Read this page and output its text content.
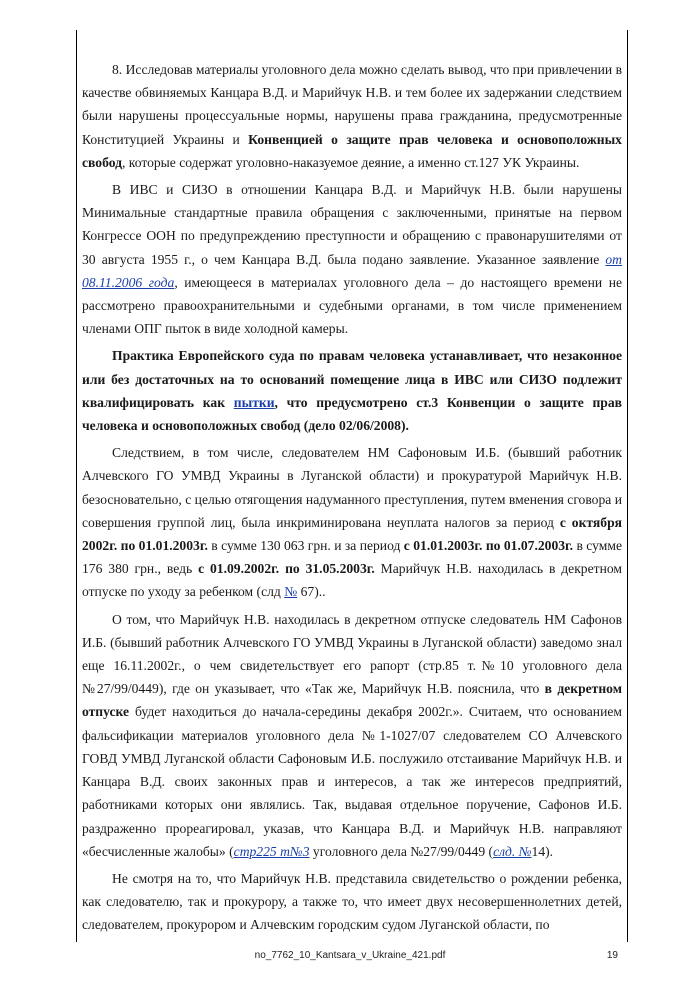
8. Исследовав материалы уголовного дела можно сделать вывод, что при привлечении в качестве обвиняемых Канцара В.Д. и Марийчук Н.В. и тем более их задержании следствием были нарушены процессуальные нормы, нарушены права гражданина, предусмотренные Конституцией Украины и Конвенцией о защите прав человека и основоположных свобод, которые содержат уголовно-наказуемое деяние, а именно ст.127 УК Украины.

В ИВС и СИЗО в отношении Канцара В.Д. и Марийчук Н.В. были нарушены Минимальные стандартные правила обращения с заключенными, принятые на первом Конгрессе ООН по предупреждению преступности и обращению с правонарушителями от 30 августа 1955 г., о чем Канцара В.Д. была подано заявление. Указанное заявление от 08.11.2006 года, имеющееся в материалах уголовного дела – до настоящего времени не рассмотрено правоохранительными и судебными органами, в том числе применением членами ОПГ пыток в виде холодной камеры.

Практика Европейского суда по правам человека устанавливает, что незаконное или без достаточных на то оснований помещение лица в ИВС или СИЗО подлежит квалифицировать как пытки, что предусмотрено ст.3 Конвенции о защите прав человека и основоположных свобод (дело 02/06/2008).

Следствием, в том числе, следователем НМ Сафоновым И.Б. (бывший работник Алчевского ГО УМВД Украины в Луганской области) и прокуратурой Марийчук Н.В. безосновательно, с целью отягощения надуманного преступления, путем вменения сговора и совершения группой лиц, была инкриминирована неуплата налогов за период с октября 2002г. по 01.01.2003г. в сумме 130 063 грн. и за период с 01.01.2003г. по 01.07.2003г. в сумме 176 380 грн., ведь с 01.09.2002г. по 31.05.2003г. Марийчук Н.В. находилась в декретном отпуске по уходу за ребенком (слд № 67)..

О том, что Марийчук Н.В. находилась в декретном отпуске следователь НМ Сафонов И.Б. (бывший работник Алчевского ГО УМВД Украины в Луганской области) заведомо знал еще 16.11.2002г., о чем свидетельствует его рапорт (стр.85 т.№10 уголовного дела №27/99/0449), где он указывает, что «Так же, Марийчук Н.В. пояснила, что в декретном отпуске будет находиться до начала-середины декабря 2002г.». Считаем, что основанием фальсификации материалов уголовного дела №1-1027/07 следователем СО Алчевского ГОВД УМВД Луганской области Сафоновым И.Б. послужило отстаивание Марийчук Н.В. и Канцара В.Д. своих законных прав и интересов, а так же интересов предприятий, работниками которых они являлись. Так, выдавая отдельное поручение, Сафонов И.Б. раздраженно прореагировал, указав, что Канцара В.Д. и Марийчук Н.В. направляют «бесчисленные жалобы» (стр225 т№3 уголовного дела №27/99/0449 (слд. №14).

Не смотря на то, что Марийчук Н.В. представила свидетельство о рождении ребенка, как следователю, так и прокурору, а также то, что имеет двух несовершеннолетних детей, следователем, прокурором и Алчевским городским судом Луганской области, по

no_7762_10_Kantsara_v_Ukraine_421.pdf	19
